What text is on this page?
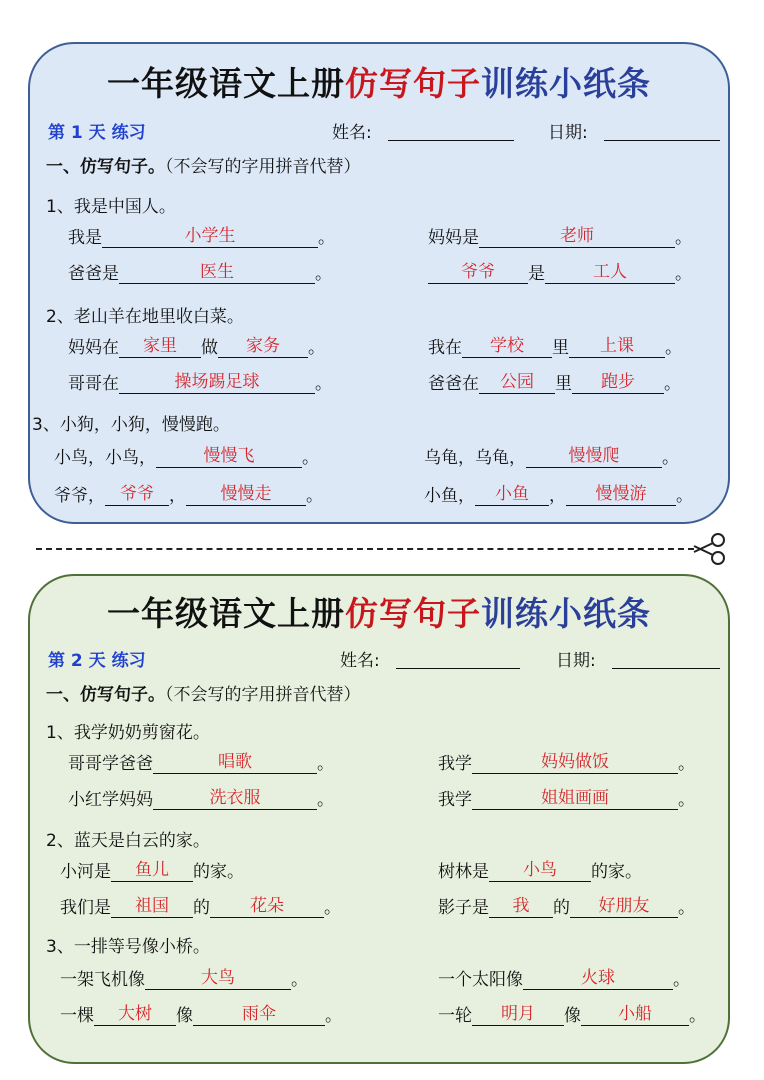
一年级语文上册仿写句子训练小纸条
第 1 天 练习	姓名:	日期:
一、仿写句子。（不会写的字用拼音代替）
1、我是中国人。
我是	小学生	。	妈妈是	老师	。
爸爸是	医生	。	爷爷	是	工人	。
2、老山羊在地里收白菜。
妈妈在	家里	做	家务	。	我在	学校	里	上课	。
哥哥在	操场踢足球	。	爸爸在	公园	里	跑步	。
3、小狗，小狗，慢慢跑。
小鸟，小鸟，	慢慢飞	。	乌龟，乌龟，	慢慢爬	。
爷爷， 爷爷 ，	慢慢走	。	小鱼，	小鱼	，	慢慢游	。
一年级语文上册仿写句子训练小纸条
第 2 天 练习	姓名:	日期:
一、仿写句子。（不会写的字用拼音代替）
1、我学奶奶剪窗花。
哥哥学爸爸	唱歌	。	我学	妈妈做饭	。
小红学妈妈	洗衣服	。	我学	姐姐画画	。
2、蓝天是白云的家。
小河是	鱼儿	的家。	树林是	小鸟	的家。
我们是	祖国	的	花朵	。	影子是	我	的	好朋友	。
3、一排等号像小桥。
一架飞机像	大鸟	。	一个太阳像	火球	。
一棵	大树	像	雨伞	。	一轮	明月	像	小船	。
